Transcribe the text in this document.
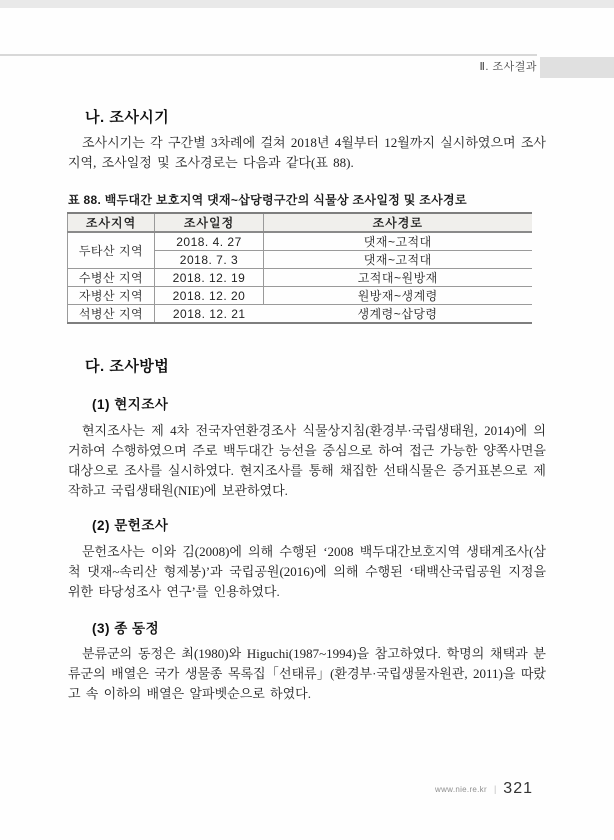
Ⅱ. 조사결과
나. 조사시기

조사시기는 각 구간별 3차례에 걸쳐 2018년 4월부터 12월까지 실시하였으며 조사지역, 조사일정 및 조사경로는 다음과 같다(표 88).

표 88. 백두대간 보호지역 댓재~삽당령구간의 식물상 조사일정 및 조사경로
조사지역	조사일정	조사경로
두타산 지역	2018. 4. 27	댓재~고적대
	2018. 7. 3	댓재~고적대
수병산 지역	2018. 12. 19	고적대~원방재
자병산 지역	2018. 12. 20	원방재~생계령
석병산 지역	2018. 12. 21	생계령~삽당령
다. 조사방법
(1) 현지조사

현지조사는 제 4차 전국자연환경조사 식물상지침(환경부·국립생태원, 2014)에 의거하여 수행하였으며 주로 백두대간 능선을 중심으로 하여 접근 가능한 양쪽사면을 대상으로 조사를 실시하였다. 현지조사를 통해 채집한 선태식물은 증거표본으로 제작하고 국립생태원(NIE)에 보관하였다.

(2) 문헌조사

문헌조사는 이와 김(2008)에 의해 수행된 ‘2008 백두대간보호지역 생태계조사(삼척 댓재~속리산 형제봉)’과 국립공원(2016)에 의해 수행된 ‘태백산국립공원 지정을 위한 타당성조사 연구’를 인용하였다.

(3) 종 동정

분류군의 동정은 최(1980)와 Higuchi(1987~1994)을 참고하였다. 학명의 채택과 분류군의 배열은 국가 생물종 목록집「선태류」(환경부·국립생물자원관, 2011)을 따랐고 속 이하의 배열은 알파벳순으로 하였다.

www.nie.re.kr | 321
